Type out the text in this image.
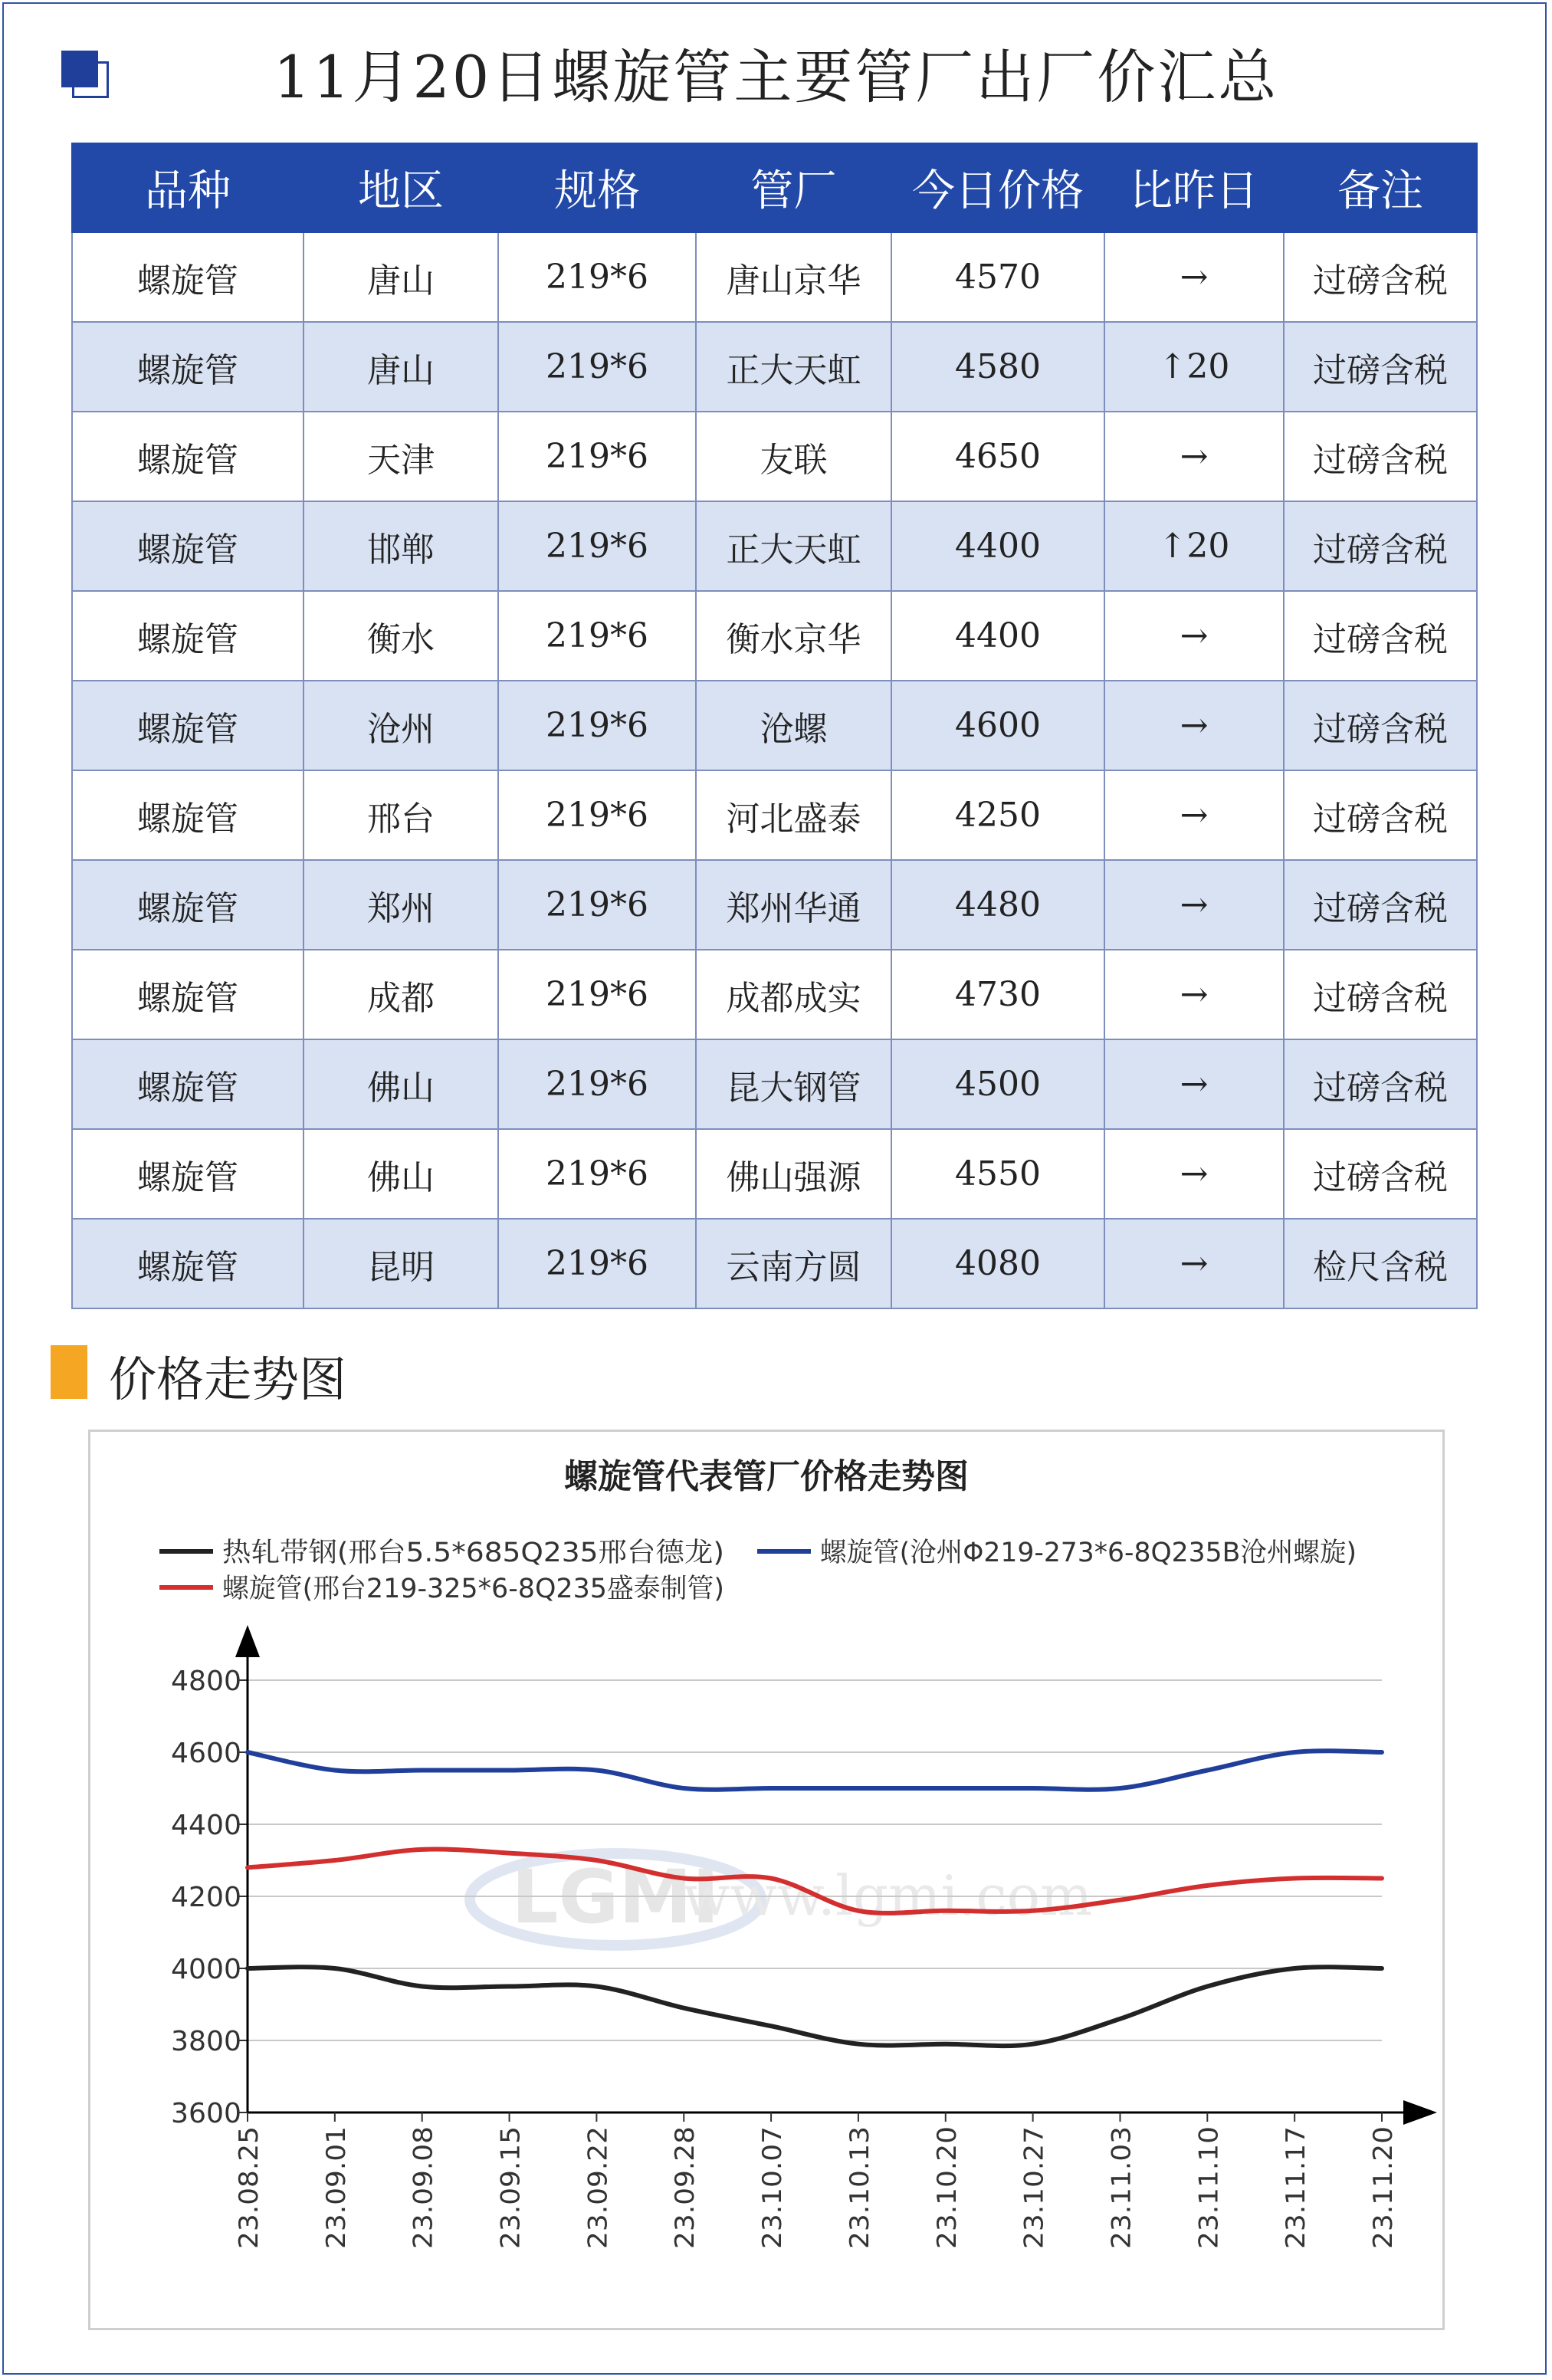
11月20日螺旋管主要管厂出厂价汇总
品种	地区	规格	管厂	今日价格	比昨日	备注
螺旋管	唐山	219*6	唐山京华	4570	→	过磅含税
螺旋管	唐山	219*6	正大天虹	4580	↑20	过磅含税
螺旋管	天津	219*6	友联	4650	→	过磅含税
螺旋管	邯郸	219*6	正大天虹	4400	↑20	过磅含税
螺旋管	衡水	219*6	衡水京华	4400	→	过磅含税
螺旋管	沧州	219*6	沧螺	4600	→	过磅含税
螺旋管	邢台	219*6	河北盛泰	4250	→	过磅含税
螺旋管	郑州	219*6	郑州华通	4480	→	过磅含税
螺旋管	成都	219*6	成都成实	4730	→	过磅含税
螺旋管	佛山	219*6	昆大钢管	4500	→	过磅含税
螺旋管	佛山	219*6	佛山强源	4550	→	过磅含税
螺旋管	昆明	219*6	云南方圆	4080	→	检尺含税
价格走势图
LGMI
www.lgmi.com
螺旋管代表管厂价格走势图
热轧带钢(邢台5.5*685Q235邢台德龙)	螺旋管(沧州Φ219-273*6-8Q235B沧州螺旋)
螺旋管(邢台219-325*6-8Q235盛泰制管)
3600
3800
4000
4200
4400
4600
4800
23.08.25 23.09.01 23.09.08 23.09.15 23.09.22 23.09.28 23.10.07 23.10.13 23.10.20 23.10.27 23.11.03 23.11.10 23.11.17 23.11.20
